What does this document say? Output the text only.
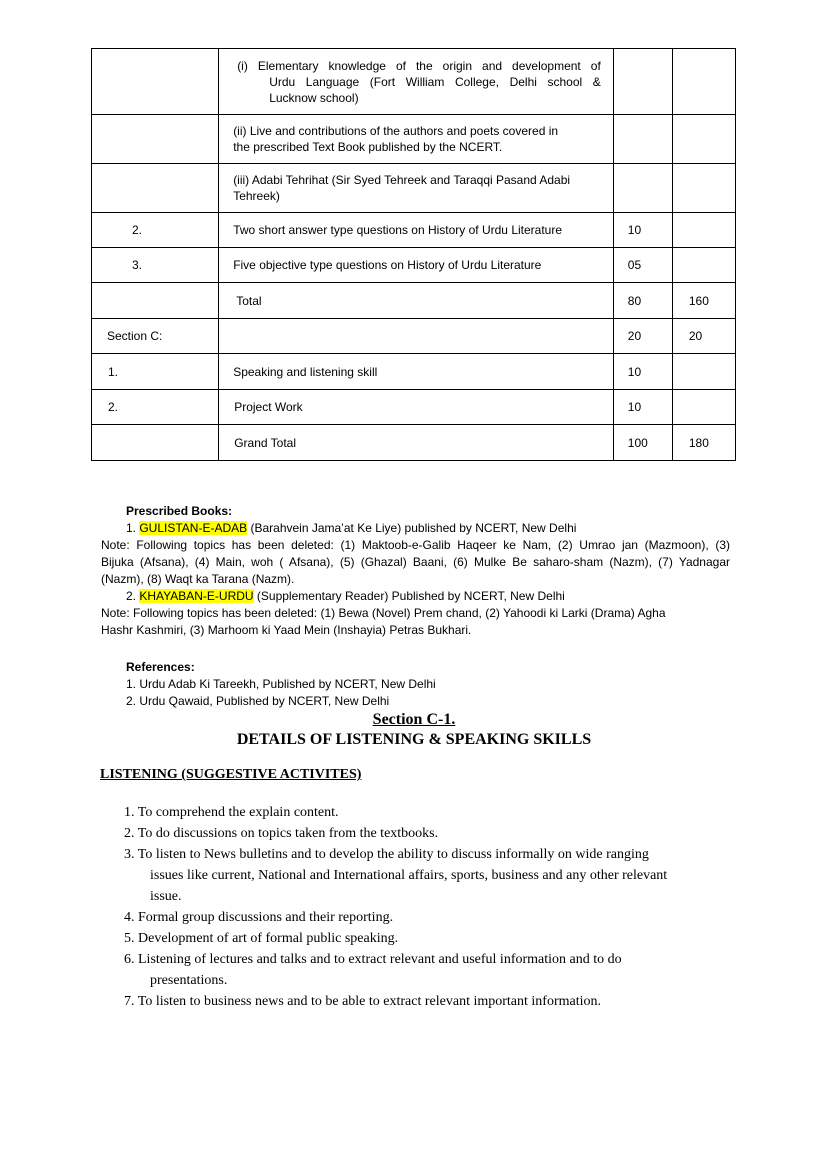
	(i) Elementary knowledge of the origin and development of
Urdu Language (Fort William College, Delhi school &
Lucknow school)		

	(ii) Live and contributions of the authors and poets covered in
the prescribed Text Book published by the NCERT.		

	(iii) Adabi Tehrihat (Sir Syed Tehreek and Taraqqi Pasand Adabi
Tehreek)		

2.	Two short answer type questions on History of Urdu Literature	10	

3.	Five objective type questions on History of Urdu Literature	05	

	Total	80	160

Section C:		20	20

1.	Speaking and listening skill	10	

2.	Project Work	10	

	Grand Total	100	180
Prescribed Books:
1. GULISTAN-E-ADAB (Barahvein Jama’at Ke Liye) published by NCERT, New Delhi
Note: Following topics has been deleted: (1) Maktoob-e-Galib Haqeer ke Nam, (2) Umrao jan (Mazmoon), (3)
Bijuka (Afsana), (4) Main, woh ( Afsana), (5) (Ghazal) Baani, (6) Mulke Be saharo-sham (Nazm), (7) Yadnagar
(Nazm), (8) Waqt ka Tarana (Nazm).
2. KHAYABAN-E-URDU (Supplementary Reader) Published by NCERT, New Delhi
Note: Following topics has been deleted: (1) Bewa (Novel) Prem chand, (2) Yahoodi ki Larki (Drama) Agha
Hashr Kashmiri, (3) Marhoom ki Yaad Mein (Inshayia) Petras Bukhari.
References:
1. Urdu Adab Ki Tareekh, Published by NCERT, New Delhi
2. Urdu Qawaid, Published by NCERT, New Delhi
Section C-1.
DETAILS OF LISTENING & SPEAKING SKILLS
LISTENING (SUGGESTIVE ACTIVITES)
1. To comprehend the explain content.
2. To do discussions on topics taken from the textbooks.
3. To listen to News bulletins and to develop the ability to discuss informally on wide ranging
issues like current, National and International affairs, sports, business and any other relevant
issue.
4. Formal group discussions and their reporting.
5. Development of art of formal public speaking.
6. Listening of lectures and talks and to extract relevant and useful information and to do
presentations.
7. To listen to business news and to be able to extract relevant important information.
